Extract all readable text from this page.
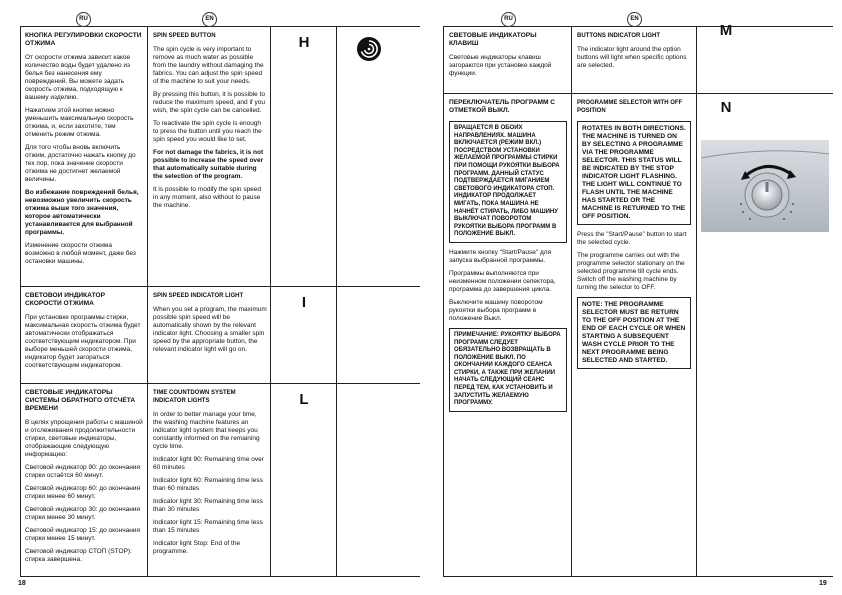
RU	EN
КНОПКА РЕГУЛИРОВКИ СКОРОСТИ ОТЖИМА

От скорости отжима зависит какое количество воды будет удалено из белья без нанесения ему повреждений. Вы можете задать скорость отжима, подходящую к вашему изделию.

Нажатием этой кнопки можно уменьшить максимальную скорость отжима, и, если захотите, тем отменить режим отжима.

Для того чтобы вновь включить отжим, достаточно нажать кнопку до тех пор, пока значение скорости отжима не достигнет желаемой величины.

Во избежание повреждений белья, невозможно увеличить скорость отжима выше того значения, которое автоматически устанавливается для выбранной программы.

Изменение скорости отжима возможно в любой момент, даже без остановки машины.

SPIN SPEED BUTTON

The spin cycle is very important to remove as much water as possible from the laundry without damaging the fabrics. You can adjust the spin speed of the machine to suit your needs.

By pressing this button, it is possible to reduce the maximum speed, and if you wish, the spin cycle can be cancelled.

To reactivate the spin cycle is enough to press the button until you reach the spin speed you would like to set.

For not damage the fabrics, it is not possible to increase the speed over that automatically suitable during the selection of the program.

It is possible to modify the spin speed in any moment, also without to pause the machine.

H
СВЕТОВОЙ ИНДИКАТОР СКОРОСТИ ОТЖИМА

При установке программы стирки, максимальная скорость отжима будет автоматически отображаться соответствующим индикатором. При выборе меньшей скорости отжима, индикатор будет загораться соответствующим индикатором.

SPIN SPEED INDICATOR LIGHT

When you set a program, the maximum possible spin speed will be automatically shown by the relevant indicator light. Choosing a smaller spin speed by the appropriate button, the relevant indicator light will go on.

I
СВЕТОВЫЕ ИНДИКАТОРЫ СИСТЕМЫ ОБРАТНОГО ОТСЧЁТА ВРЕМЕНИ

В целях упрощения работы с машиной и отслеживания продолжительности стирки, световые индикаторы, отображающие следующую информацию:

Световой индикатор 90: до окончания стирки остаётся 60 минут.

Световой индикатор 60: до окончания стирки менее 60 минут.

Световой индикатор 30: до окончания стирки менее 30 минут.

Световой индикатор 15: до окончания стирки менее 15 минут.

Световой индикатор СТОП (STOP): стирка завершена.

TIME COUNTDOWN SYSTEM INDICATOR LIGHTS

In order to better manage your time, the washing machine features an indicator light system that keeps you constantly informed on the remaining cycle time.

Indicator light 90: Remaining time over 60 minutes

Indicator light 60: Remaining time less than 60 minutes

Indicator light 30: Remaining time less than 30 minutes

Indicator light 15: Remaining time less than 15 minutes

Indicator light Stop: End of the programme.

L
18
RU	EN
СВЕТОВЫЕ ИНДИКАТОРЫ КЛАВИШ

Световые индикаторы клавиш загораются при установке каждой функции.

BUTTONS INDICATOR LIGHT

The indicator light around the option buttons will light when specific options are selected.

M
ПЕРЕКЛЮЧАТЕЛЬ ПРОГРАММ С ОТМЕТКОЙ ВЫКЛ.
ВРАЩАЕТСЯ В ОБОИХ НАПРАВЛЕНИЯХ. МАШИНА ВКЛЮЧАЕТСЯ (РЕЖИМ ВКЛ.) ПОСРЕДСТВОМ УСТАНОВКИ ЖЕЛАЕМОЙ ПРОГРАММЫ СТИРКИ ПРИ ПОМОЩИ РУКОЯТКИ ВЫБОРА ПРОГРАММ. ДАННЫЙ СТАТУС ПОДТВЕРЖДАЕТСЯ МИГАНИЕМ СВЕТОВОГО ИНДИКАТОРА СТОП. ИНДИКАТОР ПРОДОЛЖАЕТ МИГАТЬ, ПОКА МАШИНА НЕ НАЧНЁТ СТИРАТЬ, ЛИБО МАШИНУ ВЫКЛЮЧАТ ПОВОРОТОМ РУКОЯТКИ ВЫБОРА ПРОГРАММ В ПОЛОЖЕНИЕ ВЫКЛ.

Нажмите кнопку "Start/Pause" для запуска выбранной программы.

Программы выполняются при неизменном положении селектора, программа до завершения цикла.

Выключите машину поворотом рукоятки выбора программ в положение Выкл.

ПРИМЕЧАНИЕ: РУКОЯТКУ ВЫБОРА ПРОГРАММ СЛЕДУЕТ ОБЯЗАТЕЛЬНО ВОЗВРАЩАТЬ В ПОЛОЖЕНИЕ ВЫКЛ. ПО ОКОНЧАНИИ КАЖДОГО СЕАНСА СТИРКИ, А ТАКЖЕ ПРИ ЖЕЛАНИИ НАЧАТЬ СЛЕДУЮЩИЙ СЕАНС ПЕРЕД ТЕМ, КАК УСТАНОВИТЬ И ЗАПУСТИТЬ ЖЕЛАЕМУЮ ПРОГРАММУ.
PROGRAMME SELECTOR WITH OFF POSITION
ROTATES IN BOTH DIRECTIONS. THE MACHINE IS TURNED ON BY SELECTING A PROGRAMME VIA THE PROGRAMME SELECTOR. THIS STATUS WILL BE INDICATED BY THE STOP INDICATOR LIGHT FLASHING. THE LIGHT WILL CONTINUE TO FLASH UNTIL THE MACHINE HAS STARTED OR THE MACHINE IS RETURNED TO THE OFF POSITION.

Press the "Start/Pause" button to start the selected cycle.

The programme carries out with the programme selector stationary on the selected programme till cycle ends. Switch off the washing machine by turning the selector to OFF.

NOTE: THE PROGRAMME SELECTOR MUST BE RETURN TO THE OFF POSITION AT THE END OF EACH CYCLE OR WHEN STARTING A SUBSEQUENT WASH CYCLE PRIOR TO THE NEXT PROGRAMME BEING SELECTED AND STARTED.
N
19
